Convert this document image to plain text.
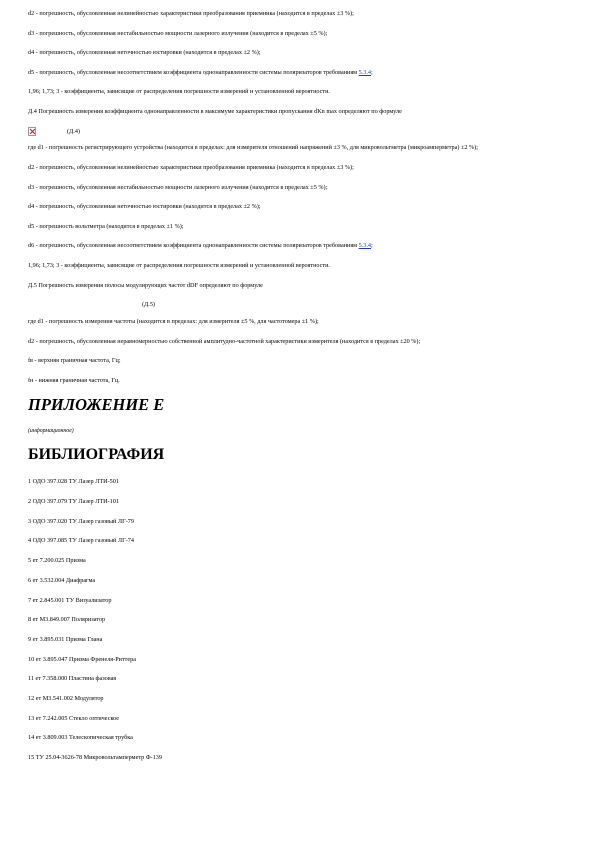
d2 - погрешность, обусловленная нелинейностью характеристики преобразования приемника (находится в пределах ±3 %);

d3 - погрешность, обусловленная нестабильностью мощности лазерного излучения (находится в пределах ±5 %);

d4 - погрешность, обусловленная неточностью юстировки (находится в пределах ±2 %);

d5 - погрешность, обусловленная несоответствием коэффициента однонаправленности системы поляризаторов требованиям 5.3.4;

1,96; 1,73; 3 - коэффициенты, зависящие от распределения погрешности измерений и установленной вероятности.

Д.4 Погрешность измерения коэффициента однонаправленности в максимуме характеристики пропускания dKn max определяют по формуле

(Д.4)

где d1 - погрешность регистрирующего устройства (находится в пределах: для измерителя отношений напряжений ±3 %, для микровольтметра (микроамперметра) ±2 %);

d2 - погрешность, обусловленная нелинейностью характеристики преобразования приемника (находится в пределах ±3 %);

d3 - погрешность, обусловленная нестабильностью мощности лазерного излучения (находится в пределах ±5 %);

d4 - погрешность, обусловленная неточностью юстировки (находится в пределах ±2 %);

d5 - погрешность вольтметра (находится в пределах ±1 %);

d6 - погрешность, обусловленная несоответствием коэффициента однонаправленности системы поляризаторов требованиям 5.3.4;

1,96; 1,73; 3 - коэффициенты, зависящие от распределения погрешности измерений и установленной вероятности.

Д.5 Погрешность измерения полосы модулирующих частот dDF определяют по формуле

(Д.5)

где d1 - погрешность измерения частоты (находится в пределах: для измерителя ±5 %, для частотомера ±1 %);

d2 - погрешность, обусловленная неравномерностью собственной амплитудно-частотной характеристики измерителя (находится в пределах ±20 %);

fв - верхняя граничная частота, Гц;

fн - нижняя граничная частота, Гц.

ПРИЛОЖЕНИЕ Е

(информационное)

БИБЛИОГРАФИЯ

1 ОДО 397.028 ТУ Лазер ЛТИ-501

2 ОДО 397.079 ТУ Лазер ЛТИ-101

3 ОДО 397.020 ТУ Лазер газовый ЛГ-79

4 ОДО 397.085 ТУ Лазер газовый ЛГ-74

5 ет 7.200.025 Призма

6 ет 3.532.004 Диафрагма

7 ет 2.845.001 ТУ Визуализатор

8 ет М3.849.007 Поляризатор

9 ет 3.895.031 Призма Глана

10 ет 3.895.047 Призма Френеля-Риттера

11 ет 7.358.000 Пластина фазовая

12 ет М3.541.002 Модулятор

13 ет 7.242.005 Стекло оптическое

14 ет 3.809.003 Телескопическая трубка

15 ТУ 25.04-3626-78 Микровольтамперметр Ф-139
